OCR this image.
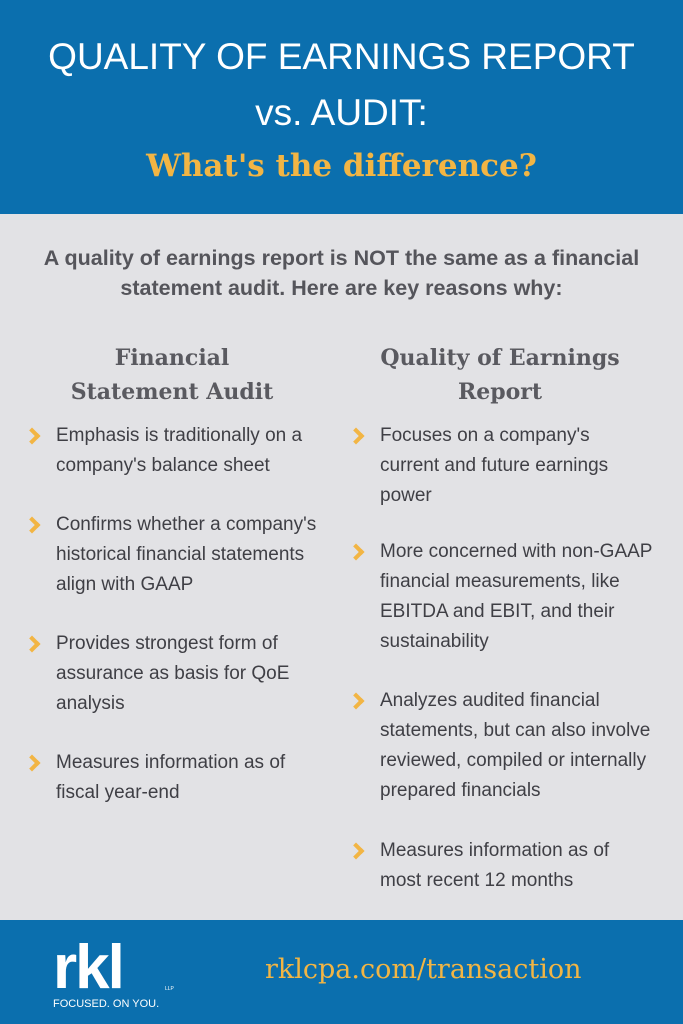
QUALITY OF EARNINGS REPORT
vs. AUDIT:
What's the difference?
A quality of earnings report is NOT the same as a financial statement audit. Here are key reasons why:
Financial Statement Audit
Quality of Earnings Report
Emphasis is traditionally on a company's balance sheet
Confirms whether a company's historical financial statements align with GAAP
Provides strongest form of assurance as basis for QoE analysis
Measures information as of fiscal year-end
Focuses on a company's current and future earnings power
More concerned with non-GAAP financial measurements, like EBITDA and EBIT, and their sustainability
Analyzes audited financial statements, but can also involve reviewed, compiled or internally prepared financials
Measures information as of most recent 12 months
rkl	LLP
FOCUSED. ON YOU.
rklcpa.com/transaction
